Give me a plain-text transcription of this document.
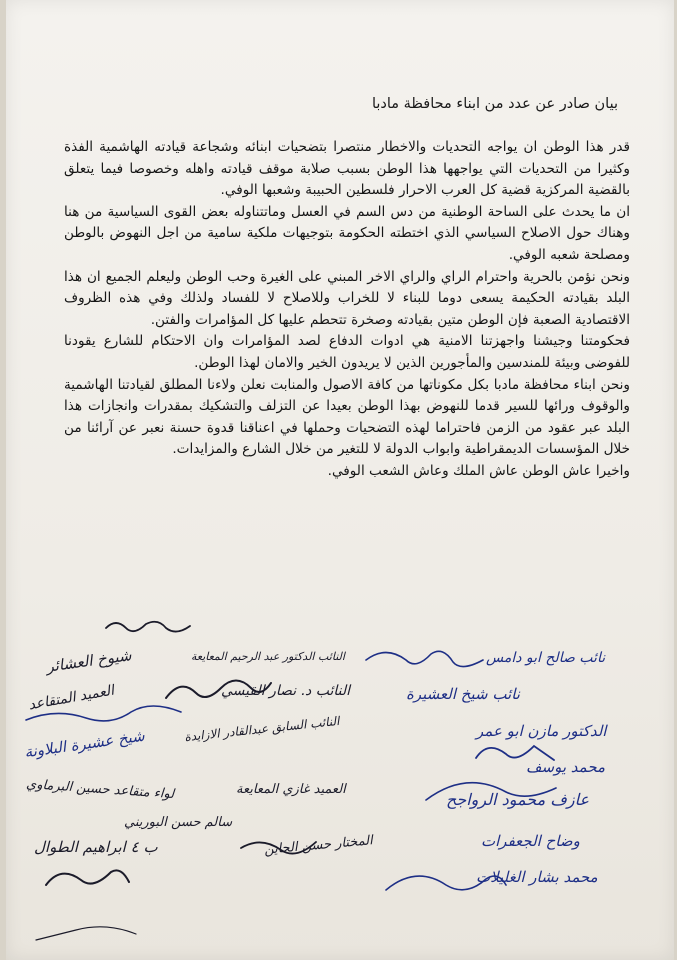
بيان صادر عن عدد من ابناء محافظة مادبا

قدر هذا الوطن ان يواجه التحديات والاخطار منتصرا بتضحيات ابنائه وشجاعة قيادته الهاشمية الفذة وكثيرا من التحديات التي يواجهها هذا الوطن بسبب صلابة موقف قيادته واهله وخصوصا فيما يتعلق بالقضية المركزية قضية كل العرب الاحرار فلسطين الحبيبة وشعبها الوفي.

ان ما يحدث على الساحة الوطنية من دس السم في العسل وماتتناوله بعض القوى السياسية من هنا وهناك حول الاصلاح السياسي الذي اختطته الحكومة بتوجيهات ملكية سامية من اجل النهوض بالوطن ومصلحة شعبه الوفي.

ونحن نؤمن بالحرية واحترام الراي والراي الاخر المبني على الغيرة وحب الوطن وليعلم الجميع ان هذا البلد بقيادته الحكيمة يسعى دوما للبناء لا للخراب وللاصلاح لا للفساد ولذلك وفي هذه الظروف الاقتصادية الصعبة فإن الوطن متين بقيادته وصخرة تتحطم عليها كل المؤامرات والفتن.

فحكومتنا وجيشنا واجهزتنا الامنية هي ادوات الدفاع لصد المؤامرات وان الاحتكام للشارع يقودنا للفوضى وبيئة للمندسين والمأجورين الذين لا يريدون الخير والامان لهذا الوطن.

ونحن ابناء محافظة مادبا بكل مكوناتها من كافة الاصول والمنابت نعلن ولاءنا المطلق لقيادتنا الهاشمية والوقوف ورائها للسير قدما للنهوض بهذا الوطن بعيدا عن التزلف والتشكيك بمقدرات وانجازات هذا البلد عبر عقود من الزمن فاحتراما لهذه التضحيات وحملها في اعناقنا قدوة حسنة نعبر عن آرائنا من خلال المؤسسات الديمقراطية وابواب الدولة لا للتغير من خلال الشارع والمزايدات.

واخيرا عاش الوطن عاش الملك وعاش الشعب الوفي.

شيوخ العشائر	النائب الدكتور عبد الرحيم المعايعة
النائب د. نصار القيسي
النائب السابق عبدالقادر الازايدة
العميد المتقاعد
شيخ عشيرة البلاونة
لواء متقاعد حسين البرماوي	العميد غازي المعايعة
سالم حسن البوريني
ب ٤ ابراهيم الطوال	المختار حسن الحاين
نائب صالح ابو دامس
نائب شيخ العشيرة
الدكتور مازن ابو عمر
محمد يوسف
عازف محمود الرواجح
وضاح الجعفرات
محمد بشار الغليلات
